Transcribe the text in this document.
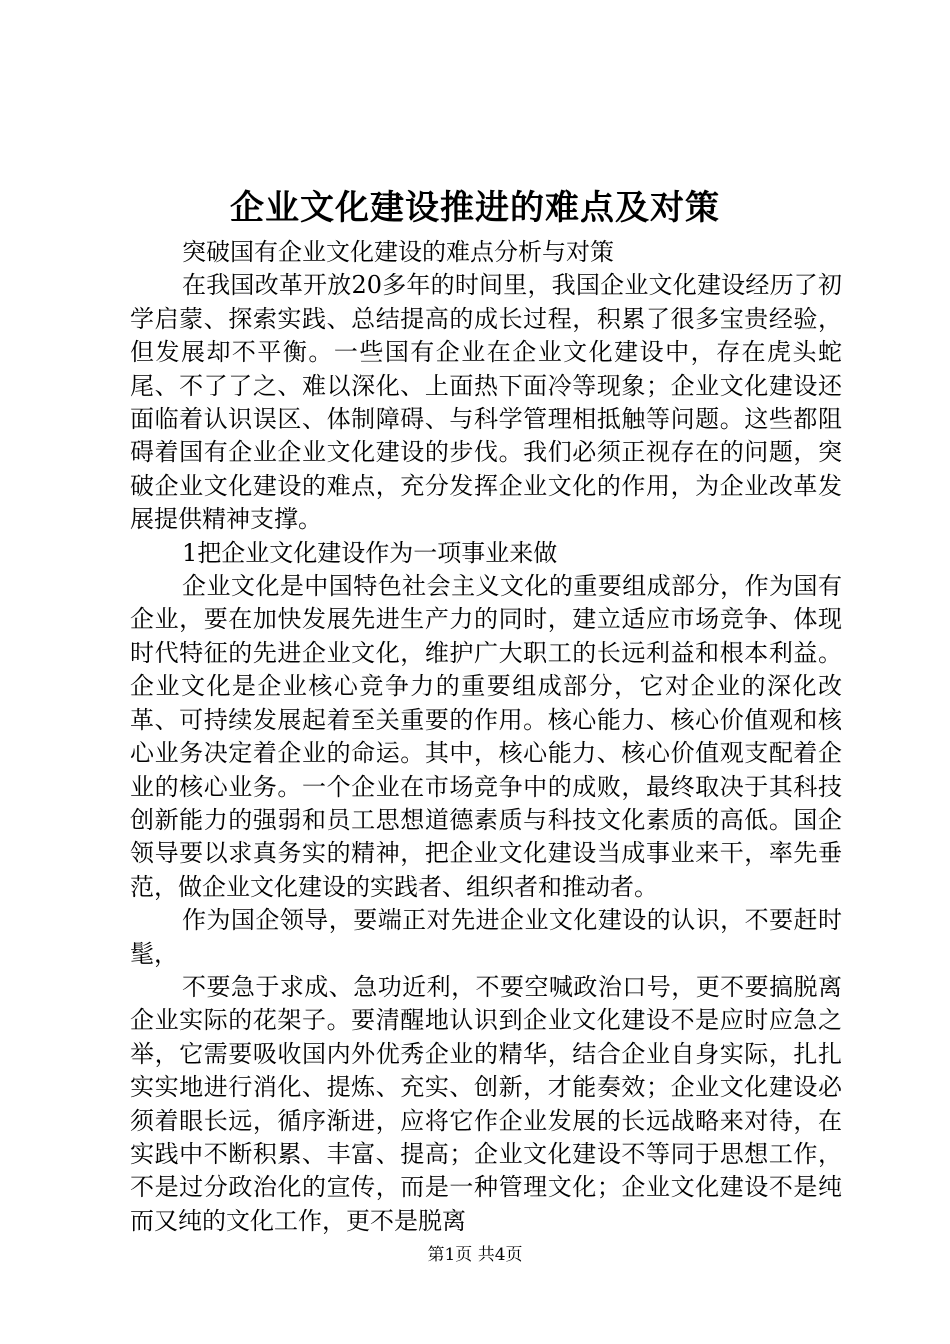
企业文化建设推进的难点及对策

突破国有企业文化建设的难点分析与对策

在我国改革开放20多年的时间里，我国企业文化建设经历了初学启蒙、探索实践、总结提高的成长过程，积累了很多宝贵经验，但发展却不平衡。一些国有企业在企业文化建设中，存在虎头蛇尾、不了了之、难以深化、上面热下面冷等现象；企业文化建设还面临着认识误区、体制障碍、与科学管理相抵触等问题。这些都阻碍着国有企业企业文化建设的步伐。我们必须正视存在的问题，突破企业文化建设的难点，充分发挥企业文化的作用，为企业改革发展提供精神支撑。

1把企业文化建设作为一项事业来做

企业文化是中国特色社会主义文化的重要组成部分，作为国有企业，要在加快发展先进生产力的同时，建立适应市场竞争、体现时代特征的先进企业文化，维护广大职工的长远利益和根本利益。企业文化是企业核心竞争力的重要组成部分，它对企业的深化改革、可持续发展起着至关重要的作用。核心能力、核心价值观和核心业务决定着企业的命运。其中，核心能力、核心价值观支配着企业的核心业务。一个企业在市场竞争中的成败，最终取决于其科技创新能力的强弱和员工思想道德素质与科技文化素质的高低。国企领导要以求真务实的精神，把企业文化建设当成事业来干，率先垂范，做企业文化建设的实践者、组织者和推动者。

作为国企领导，要端正对先进企业文化建设的认识，不要赶时髦，

不要急于求成、急功近利，不要空喊政治口号，更不要搞脱离企业实际的花架子。要清醒地认识到企业文化建设不是应时应急之举，它需要吸收国内外优秀企业的精华，结合企业自身实际，扎扎实实地进行消化、提炼、充实、创新，才能奏效；企业文化建设必须着眼长远，循序渐进，应将它作企业发展的长远战略来对待，在实践中不断积累、丰富、提高；企业文化建设不等同于思想工作，不是过分政治化的宣传，而是一种管理文化；企业文化建设不是纯而又纯的文化工作，更不是脱离

第1页 共4页
